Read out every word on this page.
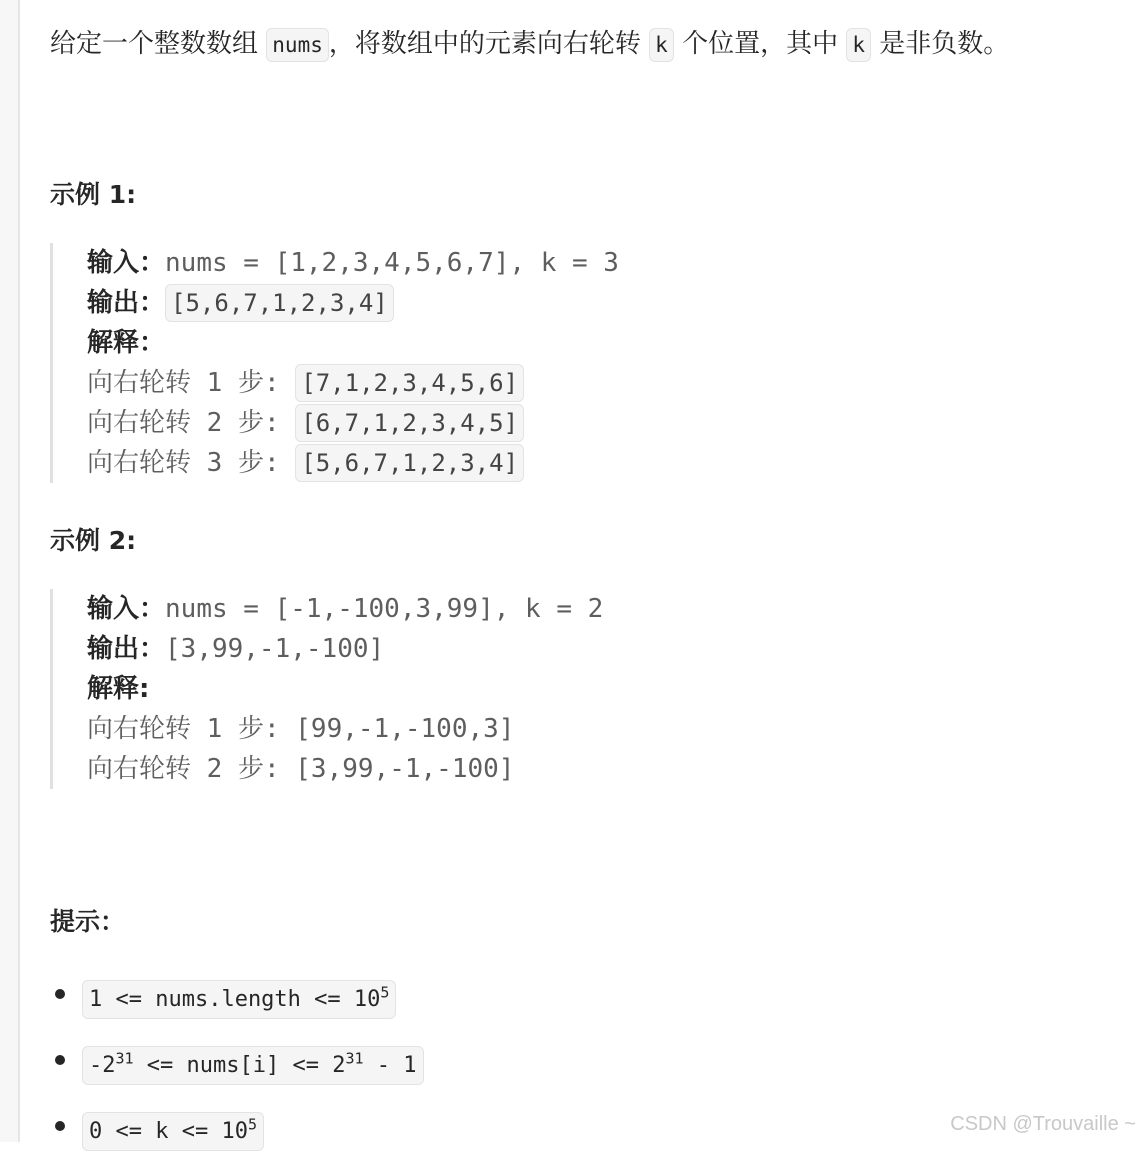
给定一个整数数组 nums ，将数组中的元素向右轮转 k 个位置，其中 k 是非负数。
示例 1:
输入：nums = [1,2,3,4,5,6,7], k = 3
输出： [5,6,7,1,2,3,4]
解释：
向右轮转 1 步: [7,1,2,3,4,5,6]
向右轮转 2 步: [6,7,1,2,3,4,5]
向右轮转 3 步: [5,6,7,1,2,3,4]
示例 2:
输入：nums = [-1,-100,3,99], k = 2
输出：[3,99,-1,-100]
解释:
向右轮转 1 步: [99,-1,-100,3]
向右轮转 2 步: [3,99,-1,-100]
提示：
1 <= nums.length <= $10^5$
$-2^{31}$ <= nums[i] <= $2^{31} - 1$
$0 <= k <= 10^5$	CSDN @Trouvaille ~
